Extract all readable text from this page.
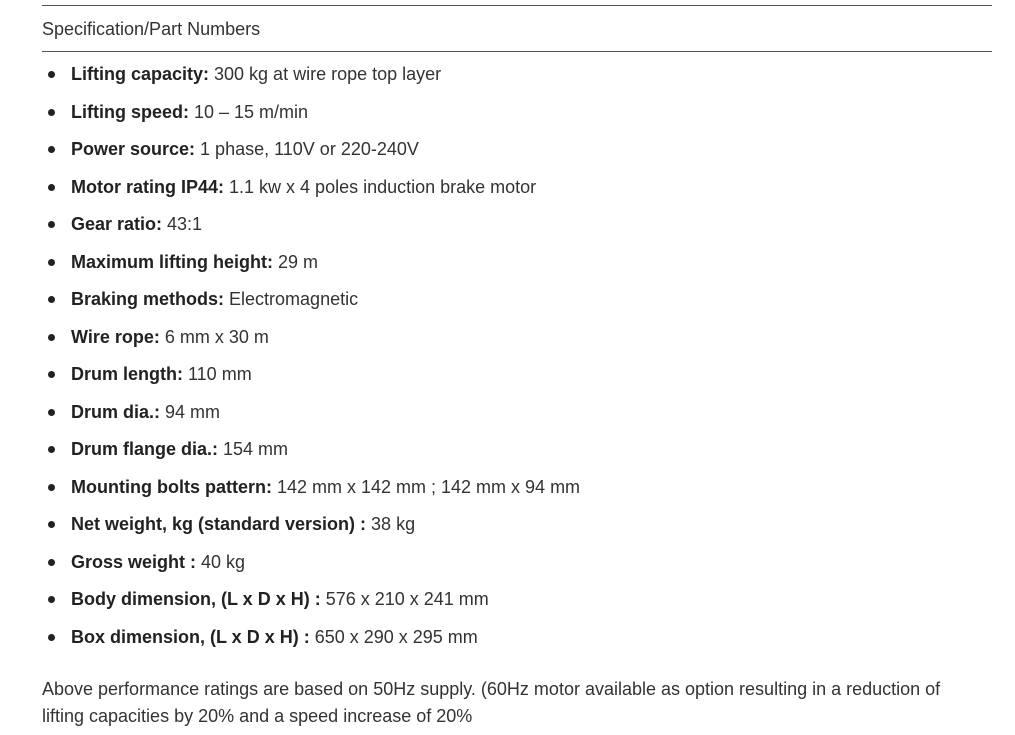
Specification/Part Numbers
Lifting capacity: 300 kg at wire rope top layer
Lifting speed: 10 – 15 m/min
Power source: 1 phase, 110V or 220-240V
Motor rating IP44: 1.1 kw x 4 poles induction brake motor
Gear ratio: 43:1
Maximum lifting height: 29 m
Braking methods: Electromagnetic
Wire rope: 6 mm x 30 m
Drum length: 110 mm
Drum dia.: 94 mm
Drum flange dia.: 154 mm
Mounting bolts pattern: 142 mm x 142 mm ; 142 mm x 94 mm
Net weight, kg (standard version) : 38 kg
Gross weight : 40 kg
Body dimension, (L x D x H) : 576 x 210 x 241 mm
Box dimension, (L x D x H) : 650 x 290 x 295 mm

Above performance ratings are based on 50Hz supply. (60Hz motor available as option resulting in a reduction of lifting capacities by 20% and a speed increase of 20%
